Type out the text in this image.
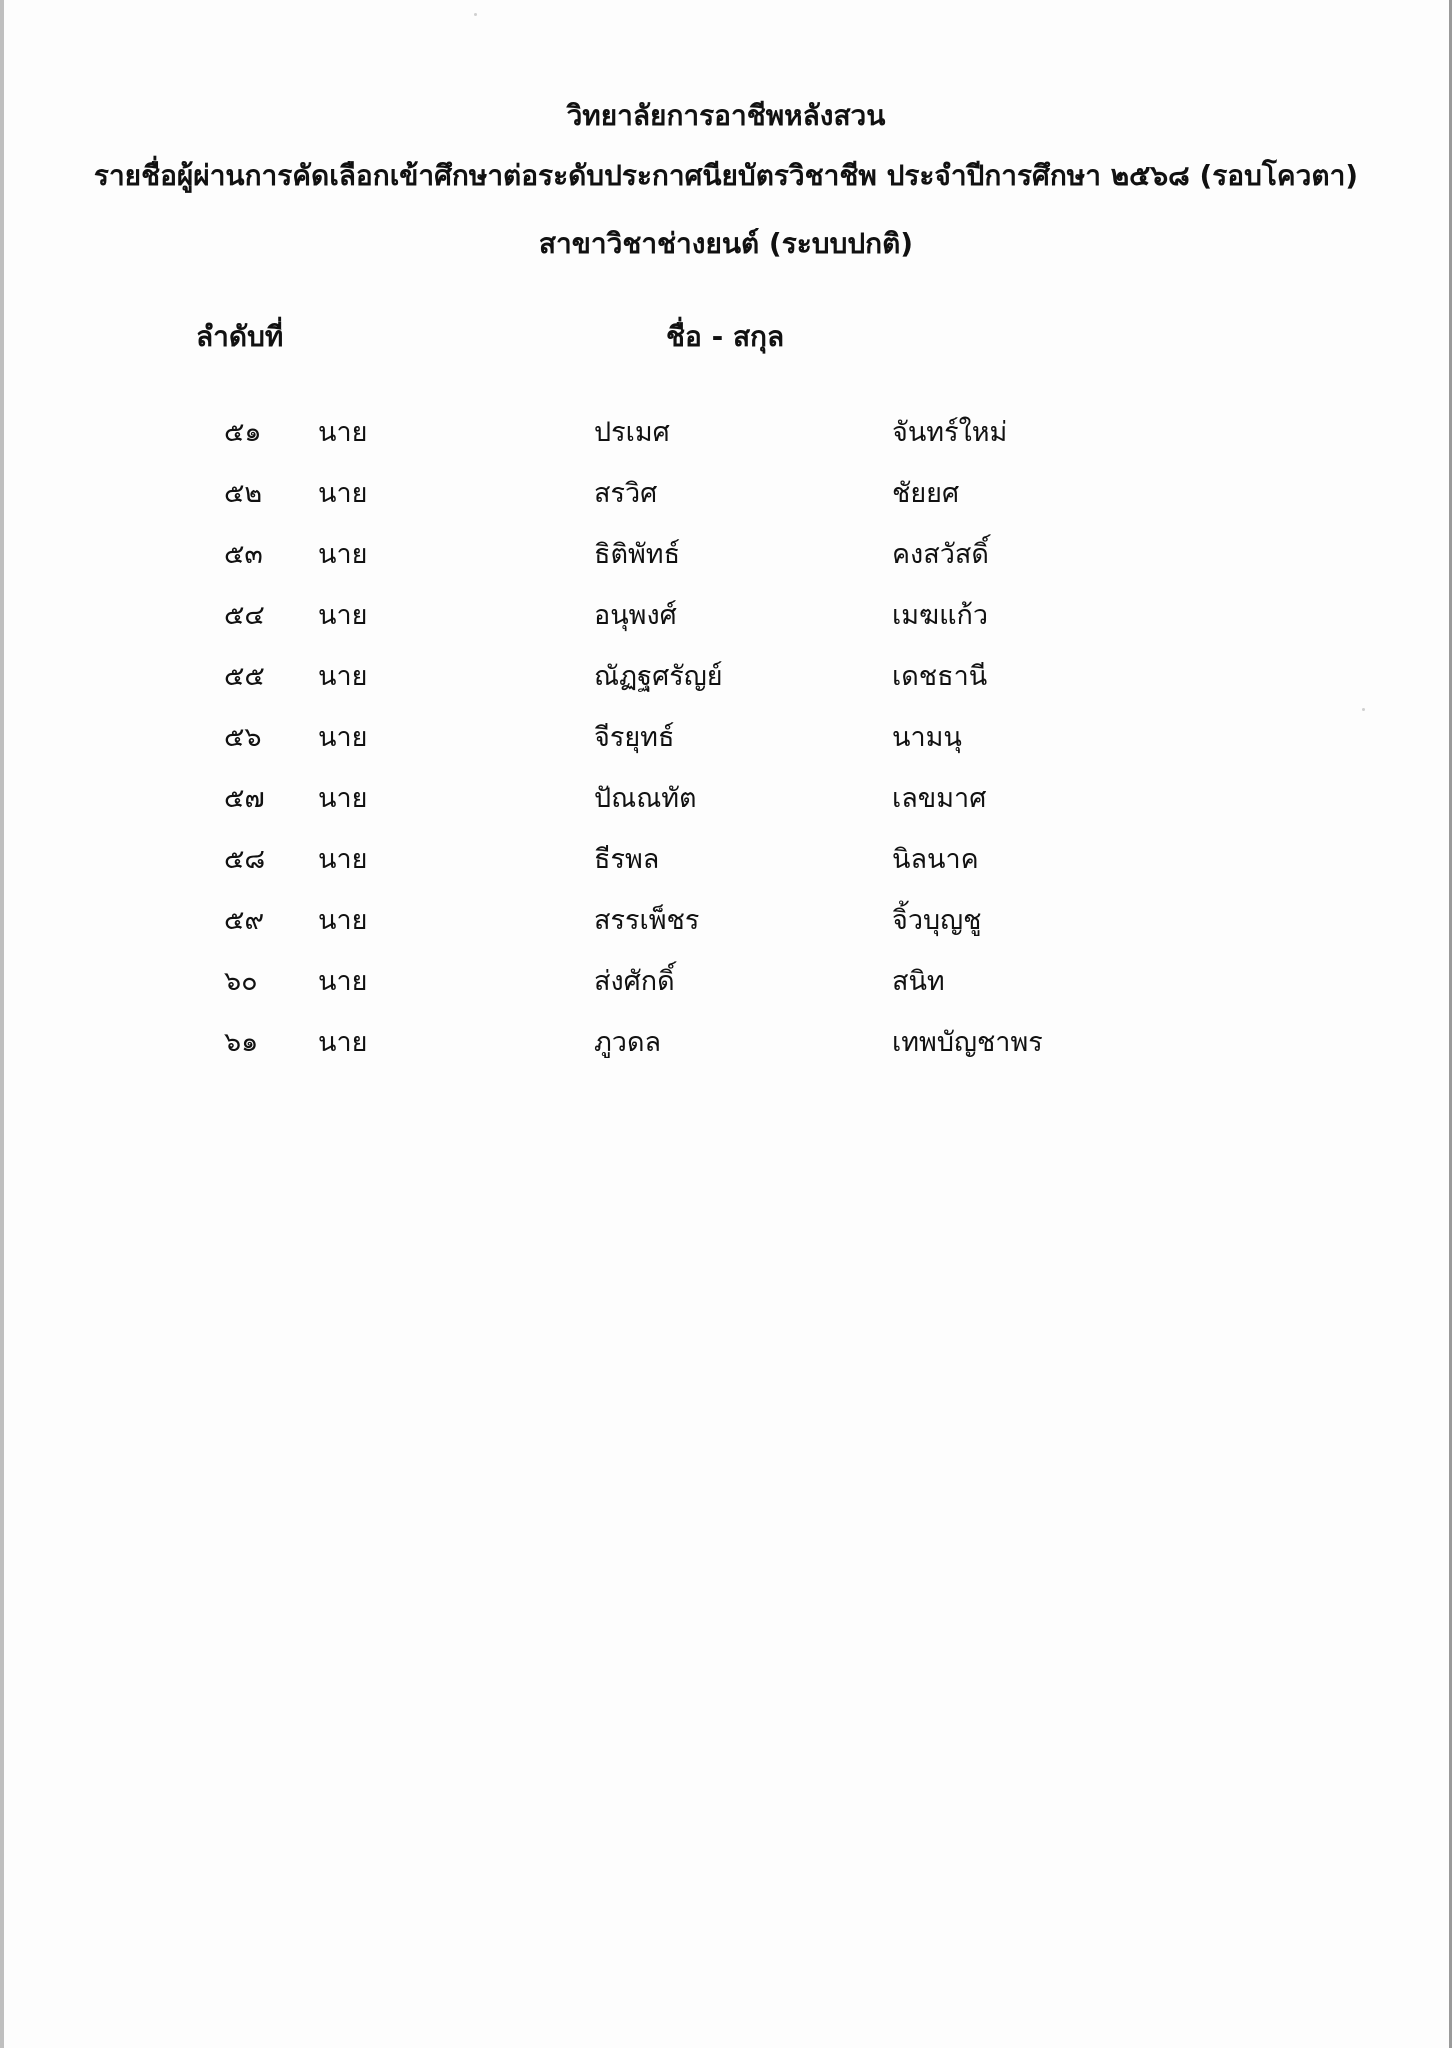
วิทยาลัยการอาชีพหลังสวน
รายชื่อผู้ผ่านการคัดเลือกเข้าศึกษาต่อระดับประกาศนียบัตรวิชาชีพ ประจำปีการศึกษา ๒๕๖๘ (รอบโควตา)
สาขาวิชาช่างยนต์ (ระบบปกติ)
ลำดับที่	ชื่อ - สกุล
๕๑ นาย	ปรเมศ	จันทร์ใหม่
๕๒ นาย	สรวิศ	ชัยยศ
๕๓ นาย	ธิติพัทธ์	คงสวัสดิ์
๕๔ นาย	อนุพงศ์	เมฆแก้ว
๕๕ นาย	ณัฏฐศรัญย์	เดชธานี
๕๖ นาย	จีรยุทธ์	นามนุ
๕๗ นาย	ปัณณทัต	เลขมาศ
๕๘ นาย	ธีรพล	นิลนาค
๕๙ นาย	สรรเพ็ชร	จิ้วบุญชู
๖๐ นาย	ส่งศักดิ์	สนิท
๖๑ นาย	ภูวดล	เทพบัญชาพร
